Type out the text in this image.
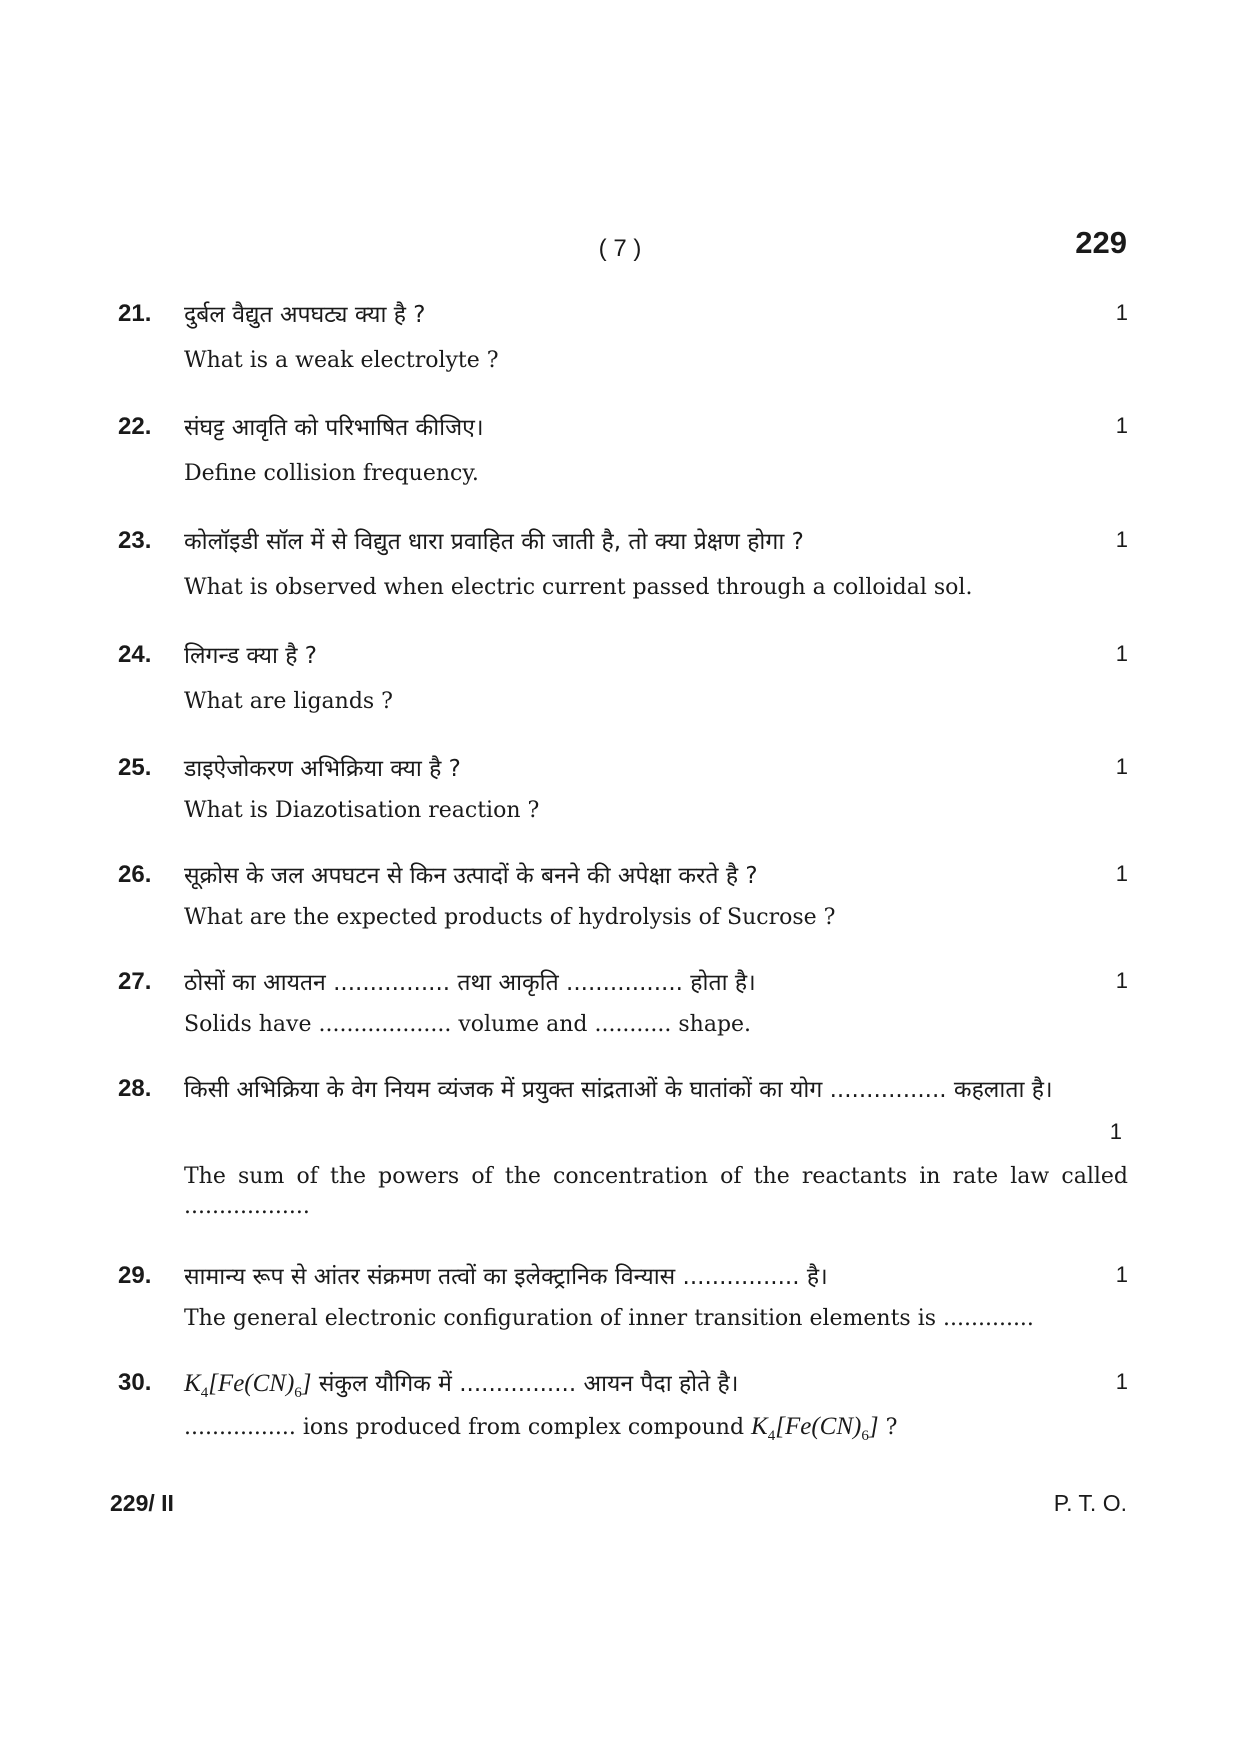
( 7 )	229
21. दुर्बल वैद्युत अपघट्य क्या है ?	1
What is a weak electrolyte ?
22. संघट्ट आवृति को परिभाषित कीजिए।	1
Define collision frequency.
23. कोलॉइडी सॉल में से विद्युत धारा प्रवाहित की जाती है, तो क्या प्रेक्षण होगा ?	1
What is observed when electric current passed through a colloidal sol.
24. लिगन्ड क्या है ?	1
What are ligands ?
25. डाइऐजोकरण अभिक्रिया क्या है ?	1
What is Diazotisation reaction ?
26. सूक्रोस के जल अपघटन से किन उत्पादों के बनने की अपेक्षा करते है ?	1
What are the expected products of hydrolysis of Sucrose ?
27. ठोसों का आयतन ................ तथा आकृति ................ होता है।	1
Solids have ................... volume and ........... shape.
28. किसी अभिक्रिया के वेग नियम व्यंजक में प्रयुक्त सांद्रताओं के घातांकों का योग ................ कहलाता है।
1
The sum of the powers of the concentration of the reactants in rate law called ..................
29. सामान्य रूप से आंतर संक्रमण तत्वों का इलेक्ट्रानिक विन्यास ................ है।	1
The general electronic configuration of inner transition elements is .............
30. $K_4[Fe(CN)_6]$ संकुल यौगिक में ................ आयन पैदा होते है।	1
................ ions produced from complex compound $K_4[Fe(CN)_6]$ ?
229/ II	P. T. O.
